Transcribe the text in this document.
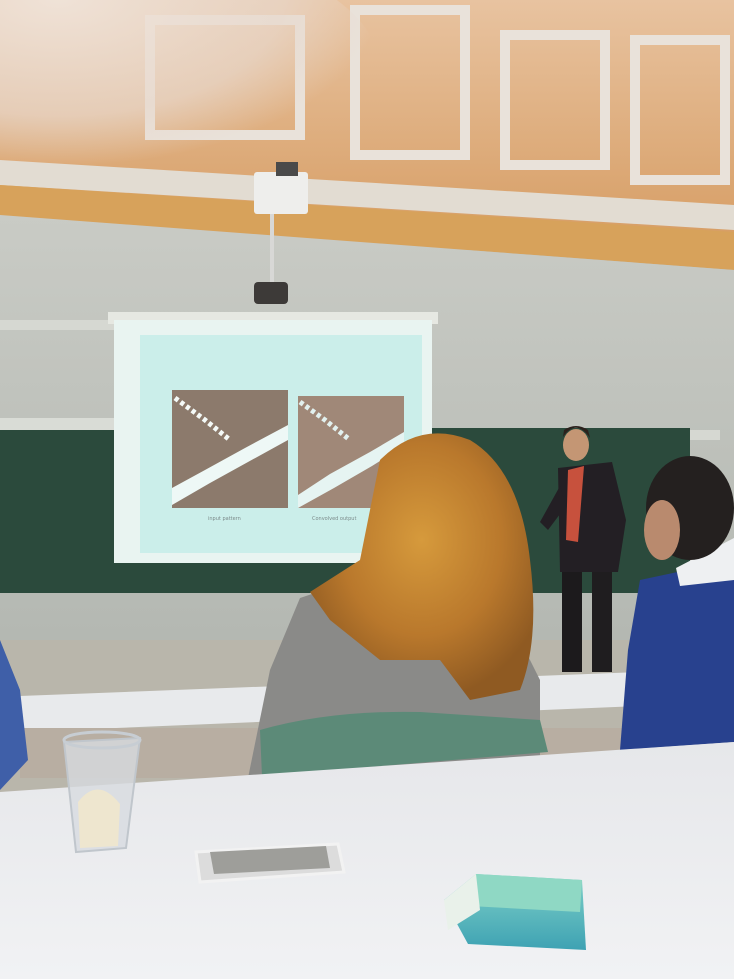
input pattern	Convolved output
